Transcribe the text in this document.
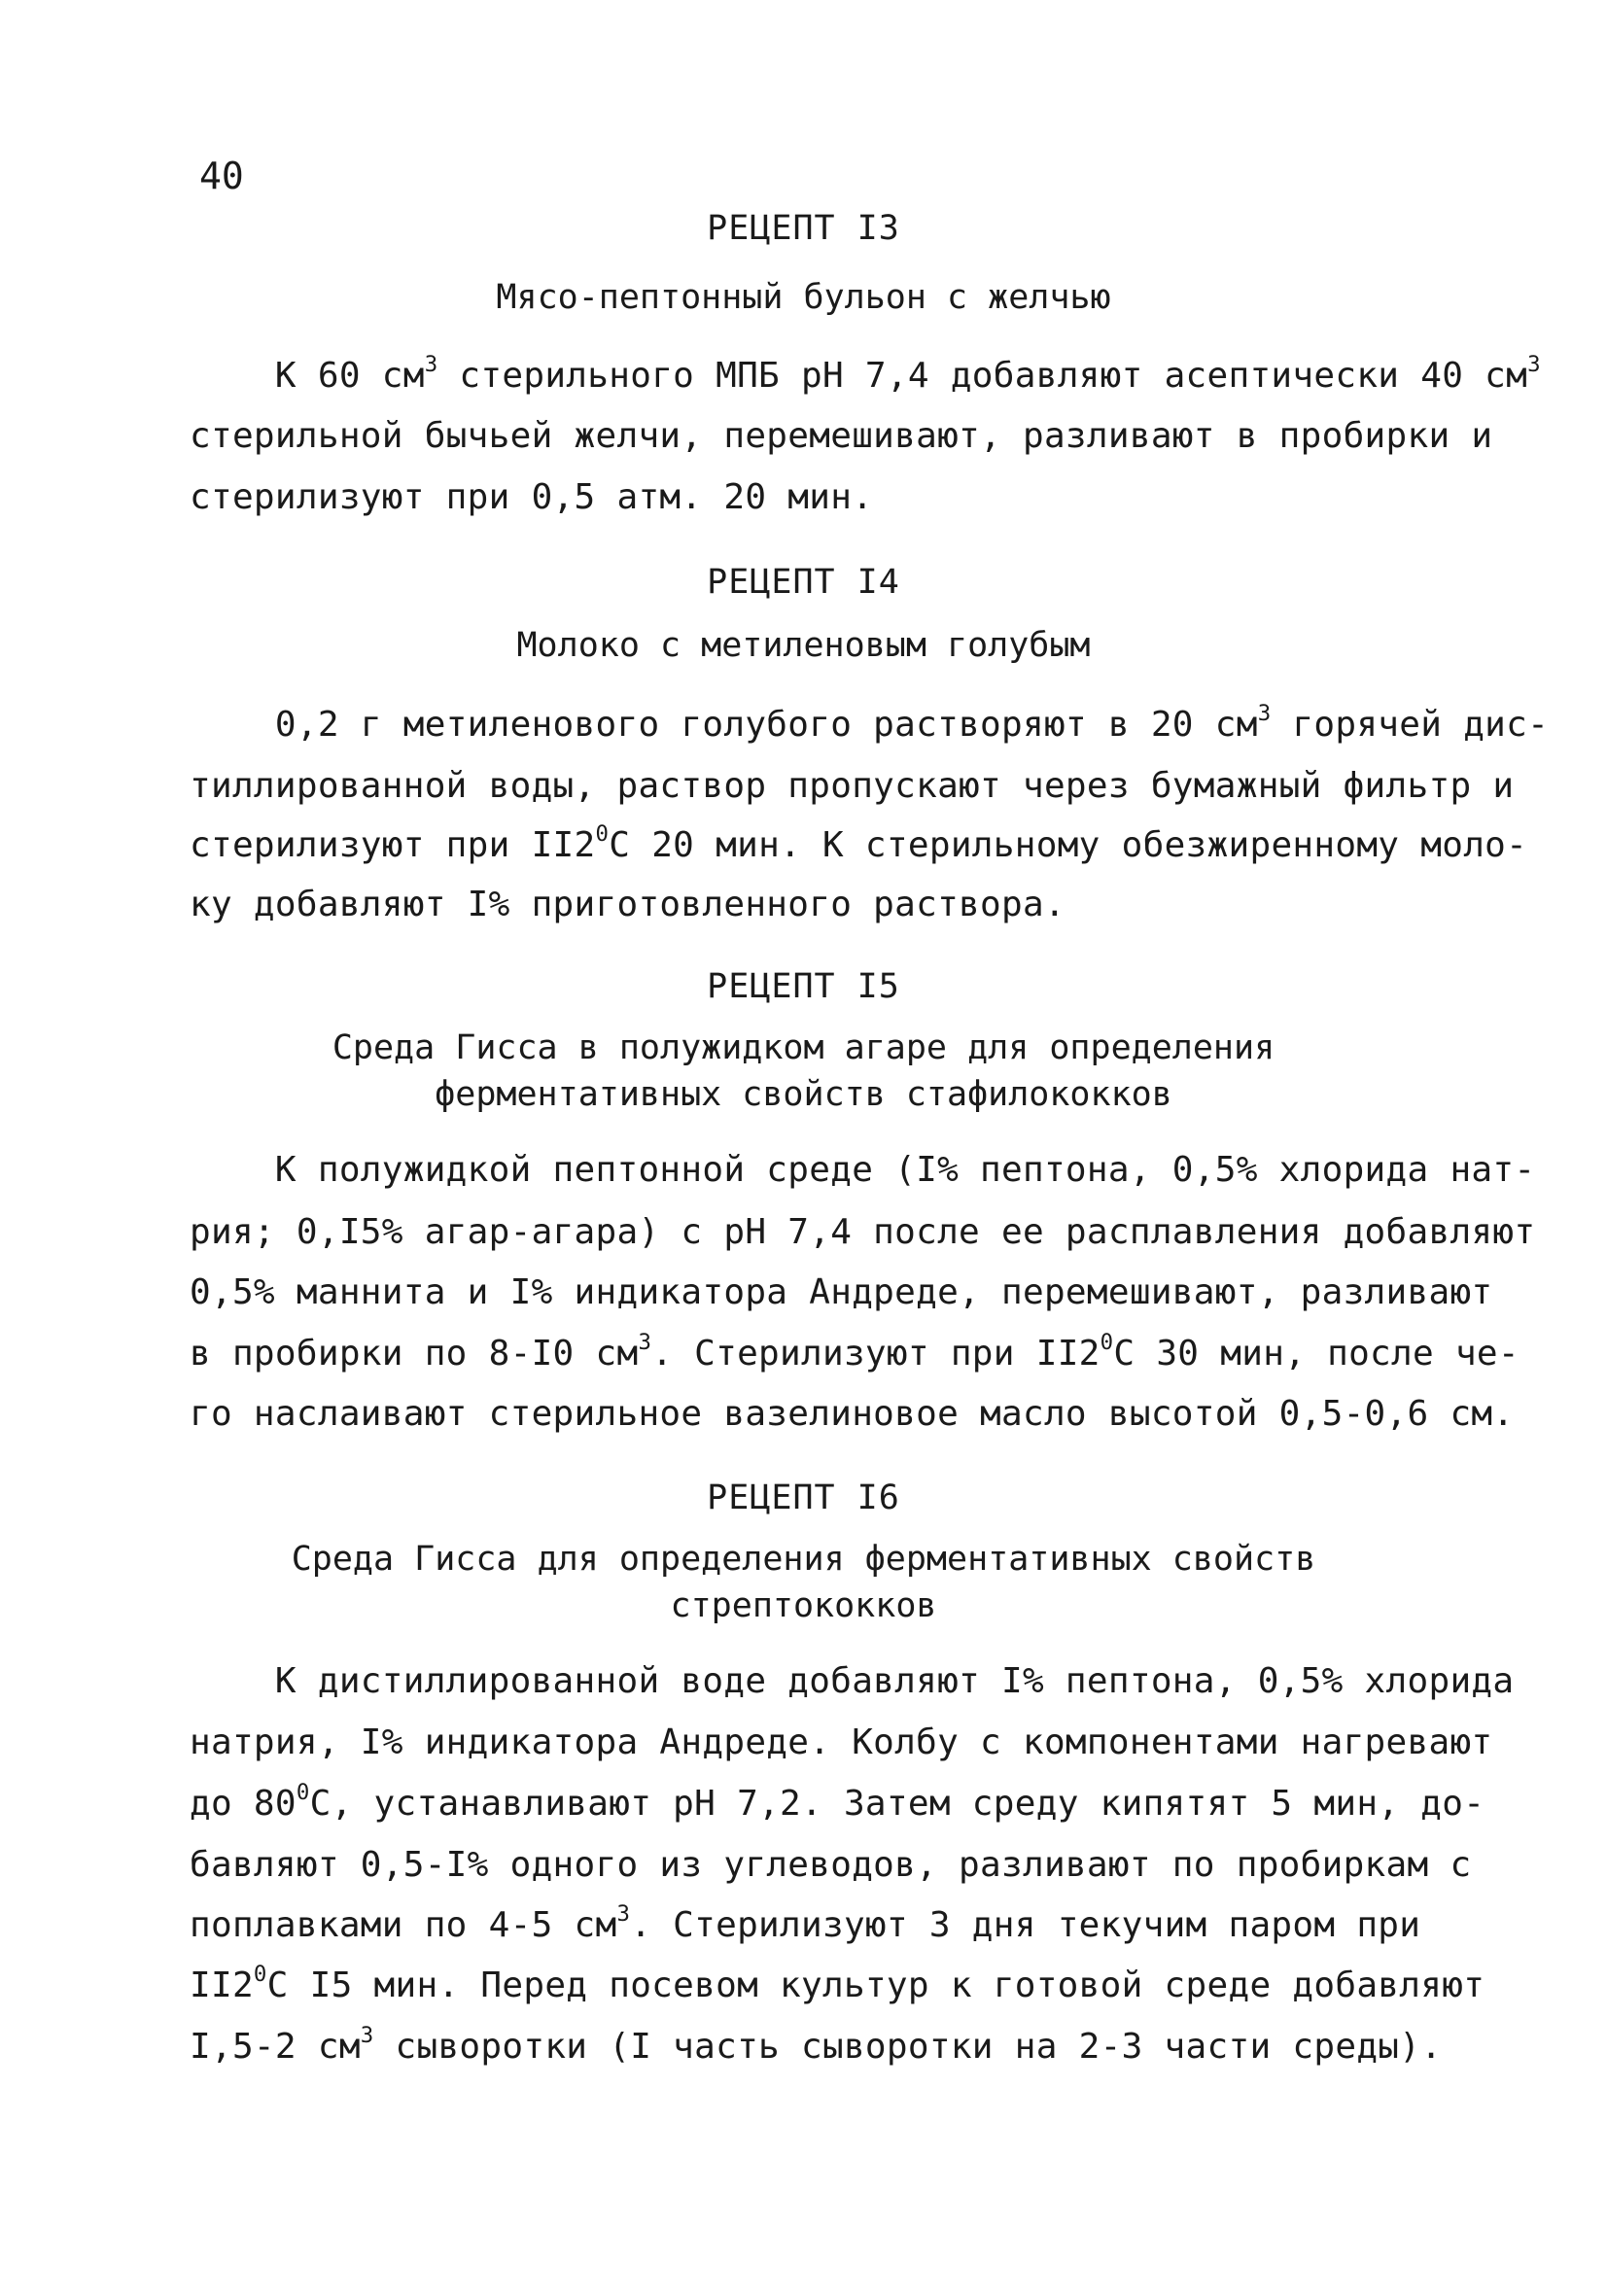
40
РЕЦЕПТ I3
Мясо-пептонный бульон с желчью
К 60 $см^3$ стерильного МПБ рН 7,4 добавляют асептически 40 $см^3$
стерильной бычьей желчи, перемешивают, разливают в пробирки и
стерилизуют при 0,5 атм. 20 мин.
РЕЦЕПТ I4
Молоко с метиленовым голубым
0,2 г метиленового голубого растворяют в 20 $см^3$ горячей дис-
тиллированной воды, раствор пропускают через бумажный фильтр и
стерилизуют при $II2^0С$ 20 мин. К стерильному обезжиренному моло-
ку добавляют I% приготовленного раствора.
РЕЦЕПТ I5
Среда Гисса в полужидком агаре для определения
ферментативных свойств стафилококков
К полужидкой пептонной среде (I% пептона, 0,5% хлорида нат-
рия; 0,I5% агар-агара) с рН 7,4 после ее расплавления добавляют
0,5% маннита и I% индикатора Андреде, перемешивают, разливают
в пробирки по 8-I0 $см^3$. Стерилизуют при $II2^0С$ 30 мин, после че-
го наслаивают стерильное вазелиновое масло высотой 0,5-0,6 см.
РЕЦЕПТ I6
Среда Гисса для определения ферментативных свойств
стрептококков
К дистиллированной воде добавляют I% пептона, 0,5% хлорида
натрия, I% индикатора Андреде. Колбу с компонентами нагревают
до $80^0С$, устанавливают рН 7,2. Затем среду кипятят 5 мин, до-
бавляют 0,5-I% одного из углеводов, разливают по пробиркам с
поплавками по 4-5 $см^3$. Стерилизуют 3 дня текучим паром при
$II2^0С$ I5 мин. Перед посевом культур к готовой среде добавляют
I,5-2 $см^3$ сыворотки (I часть сыворотки на 2-3 части среды).
